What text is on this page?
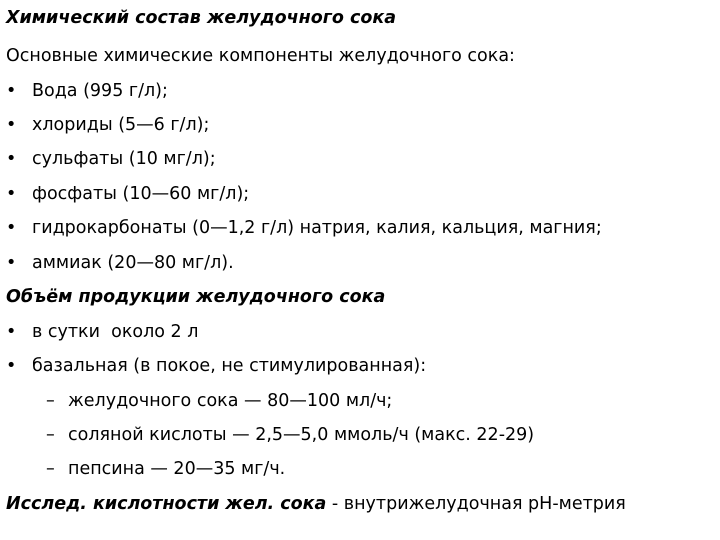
Химический состав желудочного сока
Основные химические компоненты желудочного сока:
• Вода (995 г/л);
• хлориды (5—6 г/л);
• сульфаты (10 мг/л);
• фосфаты (10—60 мг/л);
• гидрокарбонаты (0—1,2 г/л) натрия, калия, кальция, магния;
• аммиак (20—80 мг/л).
Объём продукции желудочного сока
• в сутки  около 2 л
• базальная (в покое, не стимулированная):
– желудочного сока — 80—100 мл/ч;
– соляной кислоты — 2,5—5,0 ммоль/ч (макс. 22-29)
– пепсина — 20—35 мг/ч.
Исслед. кислотности жел. сока - внутрижелудочная pH-метрия
